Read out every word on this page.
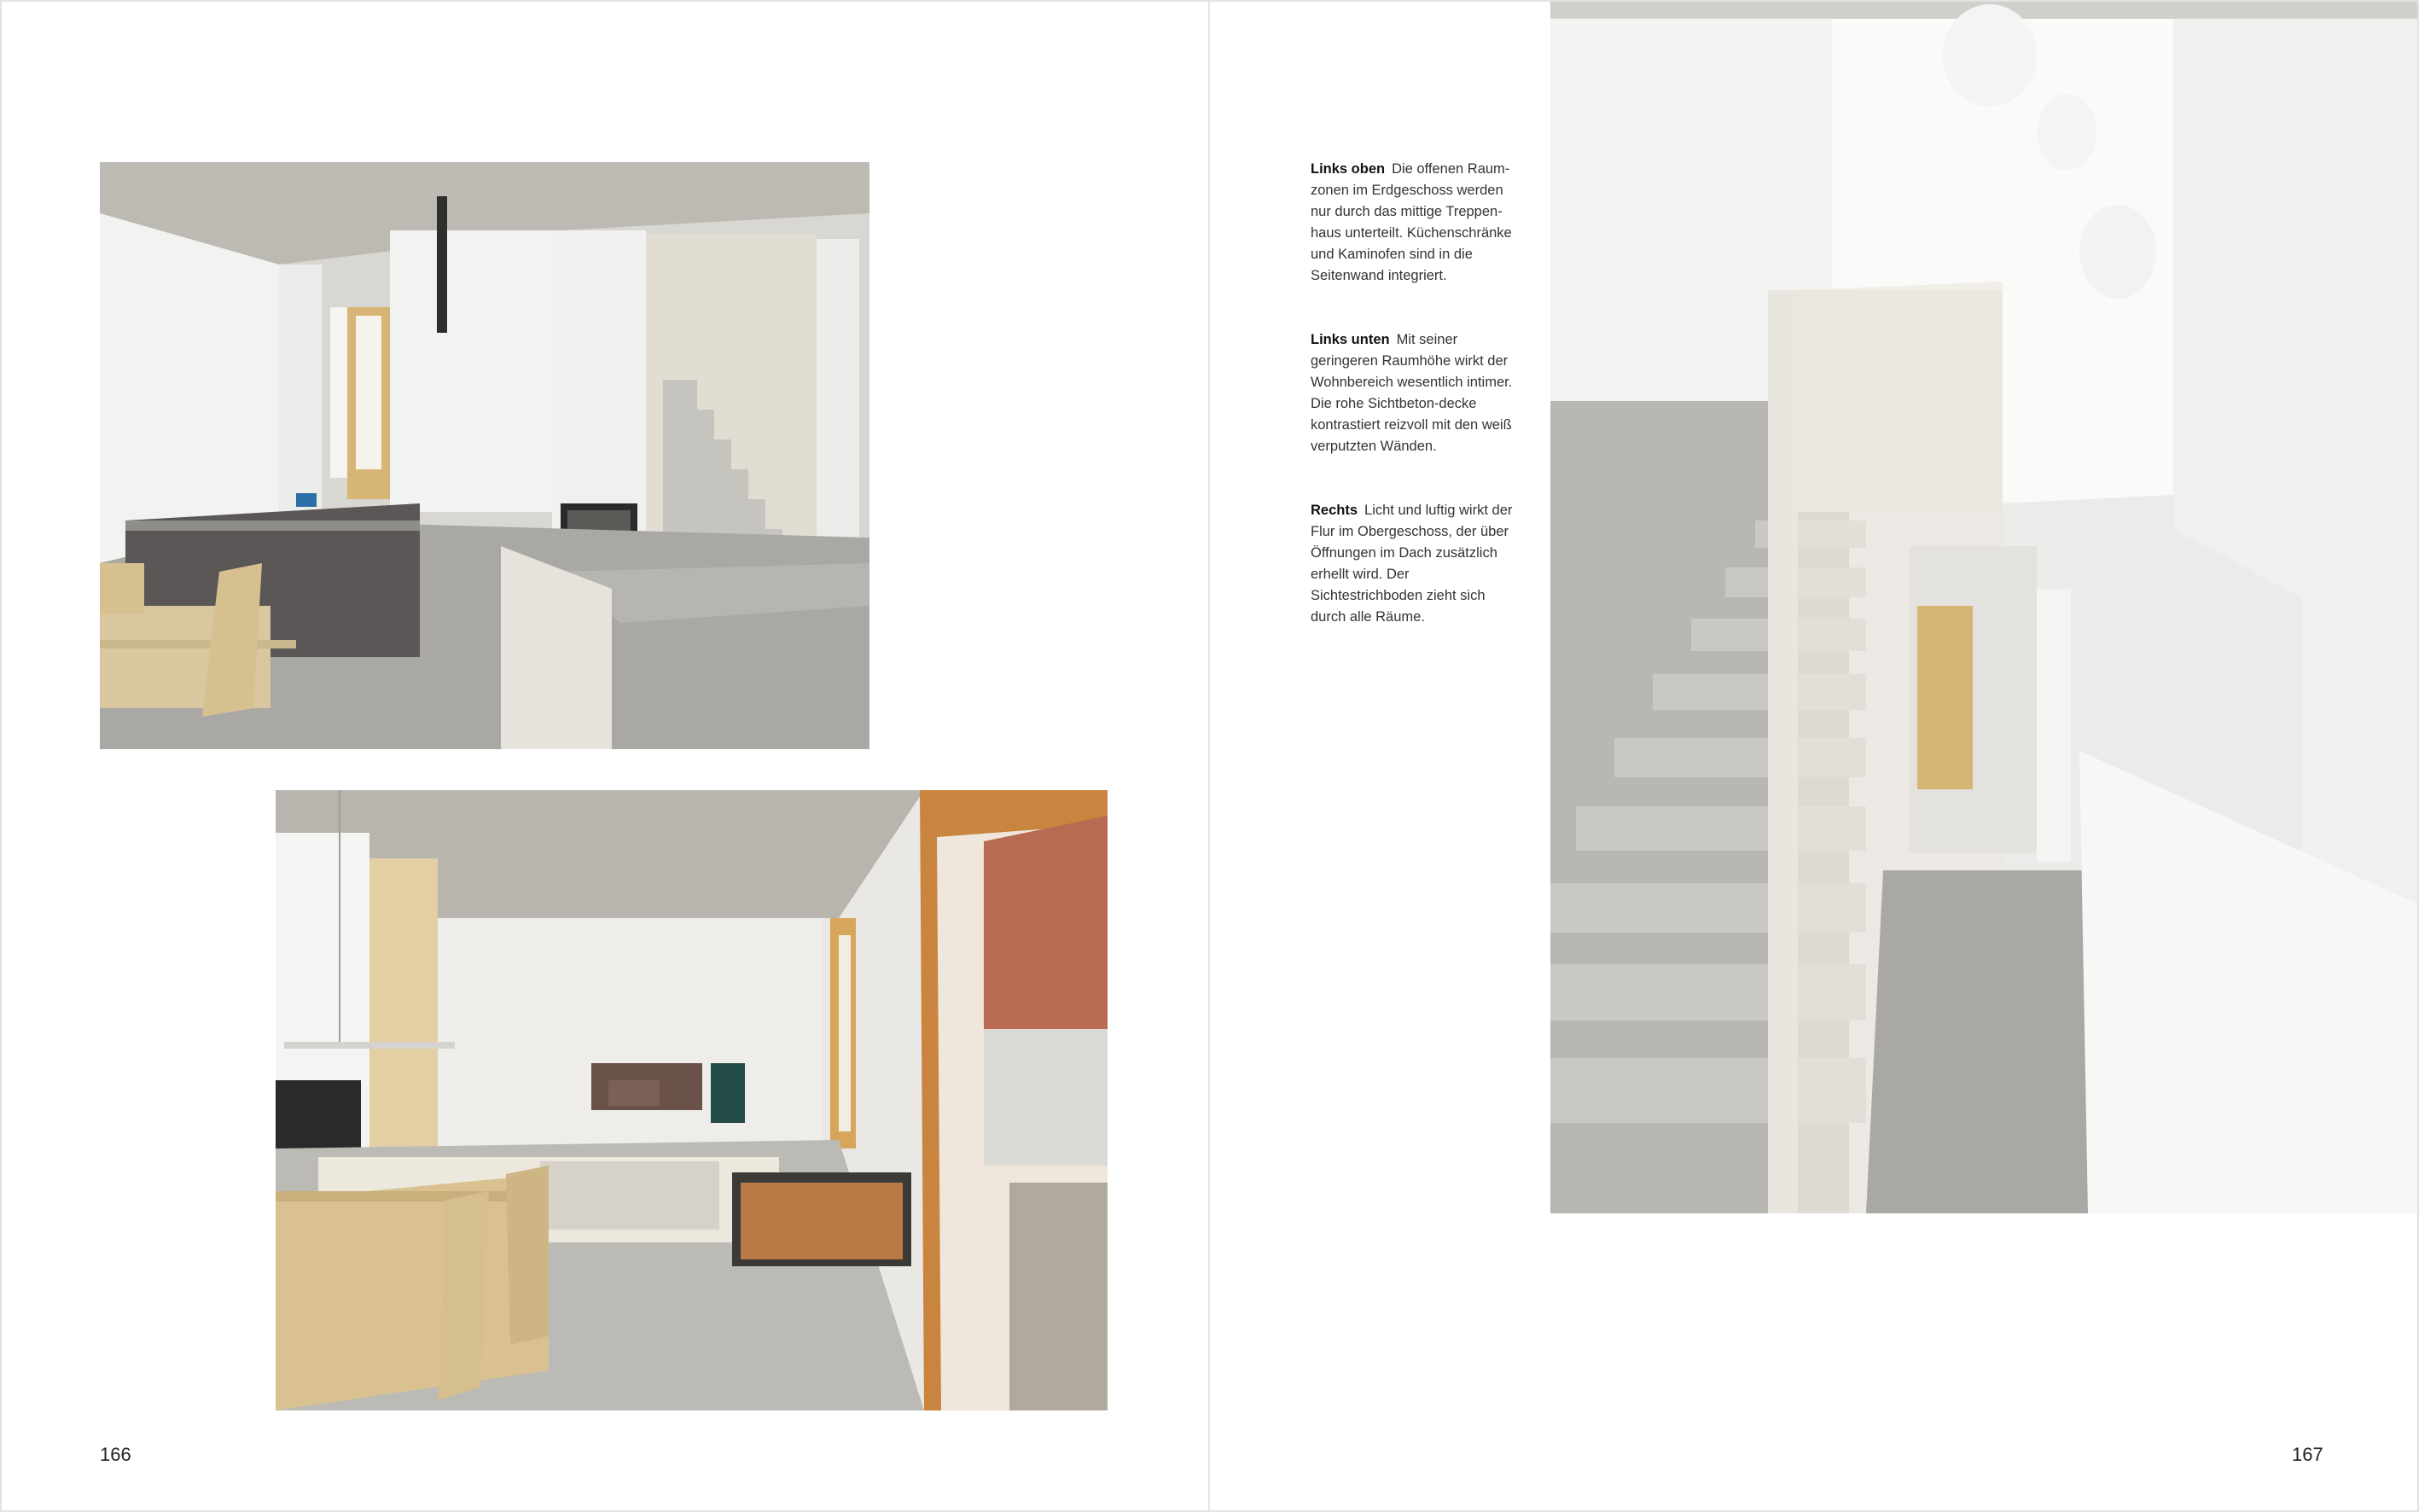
Links oben Die offenen Raum-zonen im Erdgeschoss werden nur durch das mittige Treppen-haus unterteilt. Küchenschränke und Kaminofen sind in die Seitenwand integriert.

Links unten Mit seiner geringeren Raumhöhe wirkt der Wohnbereich wesentlich intimer. Die rohe Sichtbeton-decke kontrastiert reizvoll mit den weiß verputzten Wänden.

Rechts Licht und luftig wirkt der Flur im Obergeschoss, der über Öffnungen im Dach zusätzlich erhellt wird. Der Sichtestrichboden zieht sich durch alle Räume.

166	167
